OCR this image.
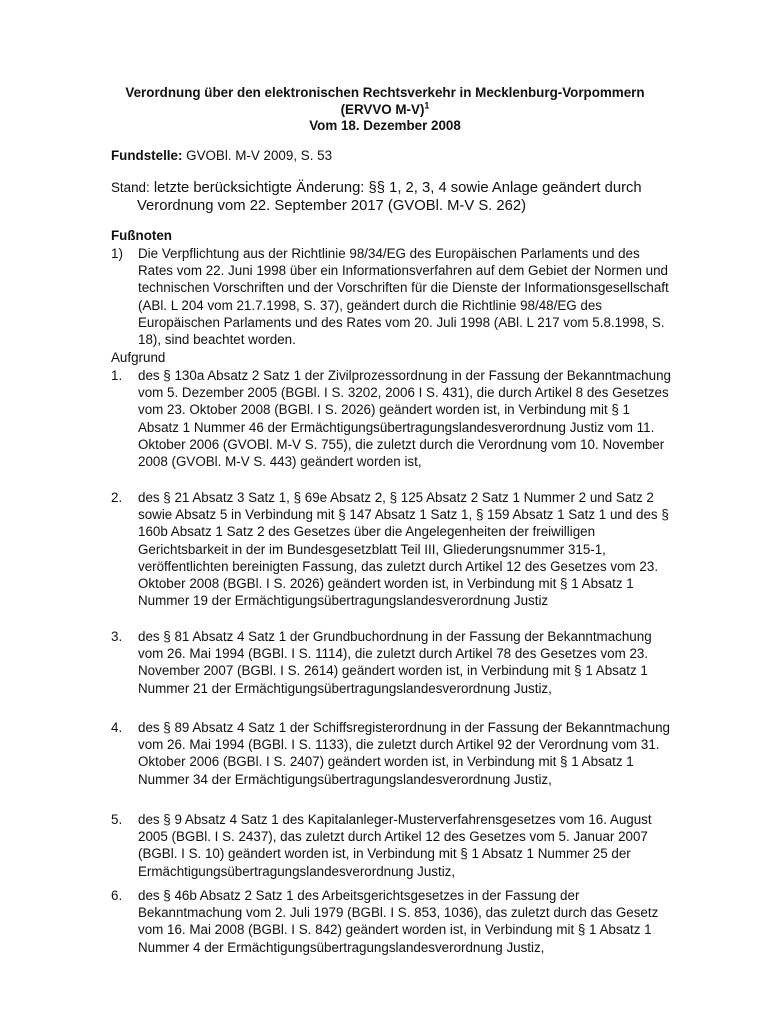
Verordnung über den elektronischen Rechtsverkehr in Mecklenburg-Vorpommern
(ERVVO M-V)$^1$
Vom 18. Dezember 2008
Fundstelle: GVOBl. M-V 2009, S. 53
Stand: letzte berücksichtigte Änderung: §§ 1, 2, 3, 4 sowie Anlage geändert durch
Verordnung vom 22. September 2017 (GVOBl. M-V S. 262)
Fußnoten
1) Die Verpflichtung aus der Richtlinie 98/34/EG des Europäischen Parlaments und des Rates vom 22. Juni 1998 über ein Informationsverfahren auf dem Gebiet der Normen und technischen Vorschriften und der Vorschriften für die Dienste der Informationsgesellschaft (ABl. L 204 vom 21.7.1998, S. 37), geändert durch die Richtlinie 98/48/EG des Europäischen Parlaments und des Rates vom 20. Juli 1998 (ABl. L 217 vom 5.8.1998, S. 18), sind beachtet worden.
Aufgrund
1. des § 130a Absatz 2 Satz 1 der Zivilprozessordnung in der Fassung der Bekanntmachung vom 5. Dezember 2005 (BGBl. I S. 3202, 2006 I S. 431), die durch Artikel 8 des Gesetzes vom 23. Oktober 2008 (BGBl. I S. 2026) geändert worden ist, in Verbindung mit § 1 Absatz 1 Nummer 46 der Ermächtigungsübertragungslandesverordnung Justiz vom 11. Oktober 2006 (GVOBl. M-V S. 755), die zuletzt durch die Verordnung vom 10. November 2008 (GVOBl. M-V S. 443) geändert worden ist,
2. des § 21 Absatz 3 Satz 1, § 69e Absatz 2, § 125 Absatz 2 Satz 1 Nummer 2 und Satz 2 sowie Absatz 5 in Verbindung mit § 147 Absatz 1 Satz 1, § 159 Absatz 1 Satz 1 und des § 160b Absatz 1 Satz 2 des Gesetzes über die Angelegenheiten der freiwilligen Gerichtsbarkeit in der im Bundesgesetzblatt Teil III, Gliederungsnummer 315-1, veröffentlichten bereinigten Fassung, das zuletzt durch Artikel 12 des Gesetzes vom 23. Oktober 2008 (BGBl. I S. 2026) geändert worden ist, in Verbindung mit § 1 Absatz 1 Nummer 19 der Ermächtigungsübertragungslandesverordnung Justiz
3. des § 81 Absatz 4 Satz 1 der Grundbuchordnung in der Fassung der Bekanntmachung vom 26. Mai 1994 (BGBl. I S. 1114), die zuletzt durch Artikel 78 des Gesetzes vom 23. November 2007 (BGBl. I S. 2614) geändert worden ist, in Verbindung mit § 1 Absatz 1 Nummer 21 der Ermächtigungsübertragungslandesverordnung Justiz,
4. des § 89 Absatz 4 Satz 1 der Schiffsregisterordnung in der Fassung der Bekanntmachung vom 26. Mai 1994 (BGBl. I S. 1133), die zuletzt durch Artikel 92 der Verordnung vom 31. Oktober 2006 (BGBl. I S. 2407) geändert worden ist, in Verbindung mit § 1 Absatz 1 Nummer 34 der Ermächtigungsübertragungslandesverordnung Justiz,
5. des § 9 Absatz 4 Satz 1 des Kapitalanleger-Musterverfahrensgesetzes vom 16. August 2005 (BGBl. I S. 2437), das zuletzt durch Artikel 12 des Gesetzes vom 5. Januar 2007 (BGBl. I S. 10) geändert worden ist, in Verbindung mit § 1 Absatz 1 Nummer 25 der Ermächtigungsübertragungslandesverordnung Justiz,
6. des § 46b Absatz 2 Satz 1 des Arbeitsgerichtsgesetzes in der Fassung der Bekanntmachung vom 2. Juli 1979 (BGBl. I S. 853, 1036), das zuletzt durch das Gesetz vom 16. Mai 2008 (BGBl. I S. 842) geändert worden ist, in Verbindung mit § 1 Absatz 1 Nummer 4 der Ermächtigungsübertragungslandesverordnung Justiz,
